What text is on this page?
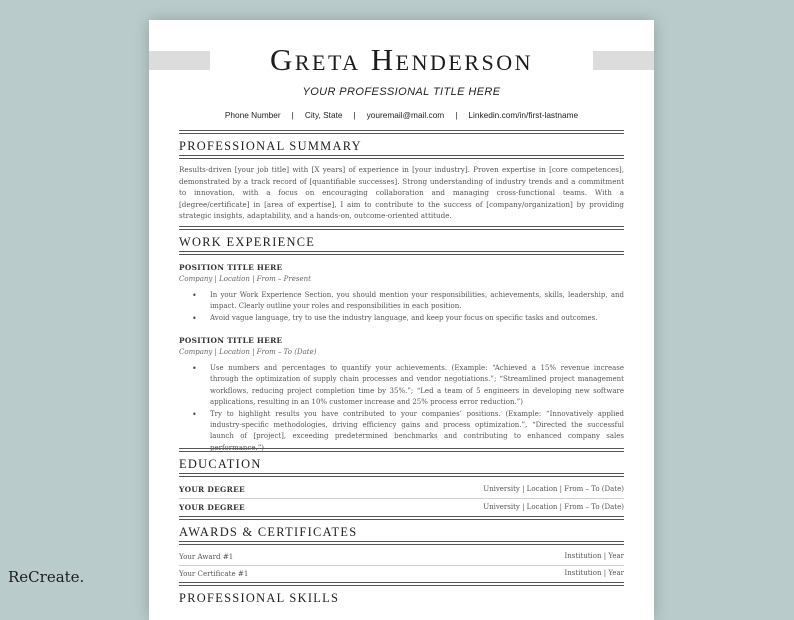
Greta Henderson
YOUR PROFESSIONAL TITLE HERE
Phone Number | City, State | youremail@mail.com | Linkedin.com/in/first-lastname
PROFESSIONAL SUMMARY
Results-driven [your job title] with [X years] of experience in [your industry]. Proven expertise in [core competences], demonstrated by a track record of [quantifiable successes]. Strong understanding of industry trends and a commitment to innovation, with a focus on encouraging collaboration and managing cross-functional teams. With a [degree/certificate] in [area of expertise], I aim to contribute to the success of [company/organization] by providing strategic insights, adaptability, and a hands-on, outcome-oriented attitude.
WORK EXPERIENCE
POSITION TITLE HERE
Company | Location | From – Present
• In your Work Experience Section, you should mention your responsibilities, achievements, skills, leadership, and impact. Clearly outline your roles and responsibilities in each position.
• Avoid vague language, try to use the industry language, and keep your focus on specific tasks and outcomes.
POSITION TITLE HERE
Company | Location | From – To (Date)
• Use numbers and percentages to quantify your achievements. (Example: “Achieved a 15% revenue increase through the optimization of supply chain processes and vendor negotiations.”; “Streamlined project management workflows, reducing project completion time by 35%.”; “Led a team of 5 engineers in developing new software applications, resulting in an 10% customer increase and 25% process error reduction.”)
• Try to highlight results you have contributed to your companies’ positions. (Example: “Innovatively applied industry-specific methodologies, driving efficiency gains and process optimization.”, “Directed the successful launch of [project], exceeding predetermined benchmarks and contributing to enhanced company sales
EDUCATION
YOUR DEGREE	University | Location | From – To (Date)
YOUR DEGREE	University | Location | From – To (Date)
AWARDS & CERTIFICATES
Your Award #1	Institution | Year
Your Certificate #1	Institution | Year
PROFESSIONAL SKILLS
ReCreate.
